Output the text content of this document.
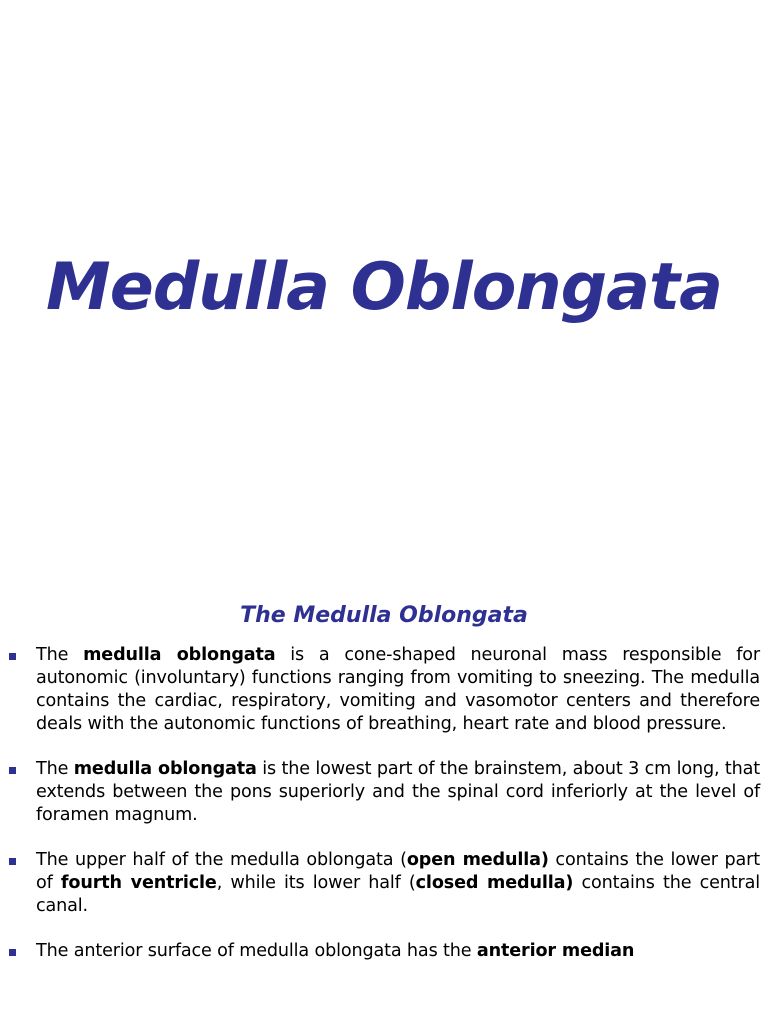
Medulla Oblongata
The Medulla Oblongata
The medulla oblongata is a cone-shaped neuronal mass responsible for autonomic (involuntary) functions ranging from vomiting to sneezing. The medulla contains the cardiac, respiratory, vomiting and vasomotor centers and therefore deals with the autonomic functions of breathing, heart rate and blood pressure.
The medulla oblongata is the lowest part of the brainstem, about 3 cm long, that extends between the pons superiorly and the spinal cord inferiorly at the level of foramen magnum.
The upper half of the medulla oblongata (open medulla) contains the lower part of fourth ventricle, while its lower half (closed medulla) contains the central canal.
The anterior surface of medulla oblongata has the anterior median
